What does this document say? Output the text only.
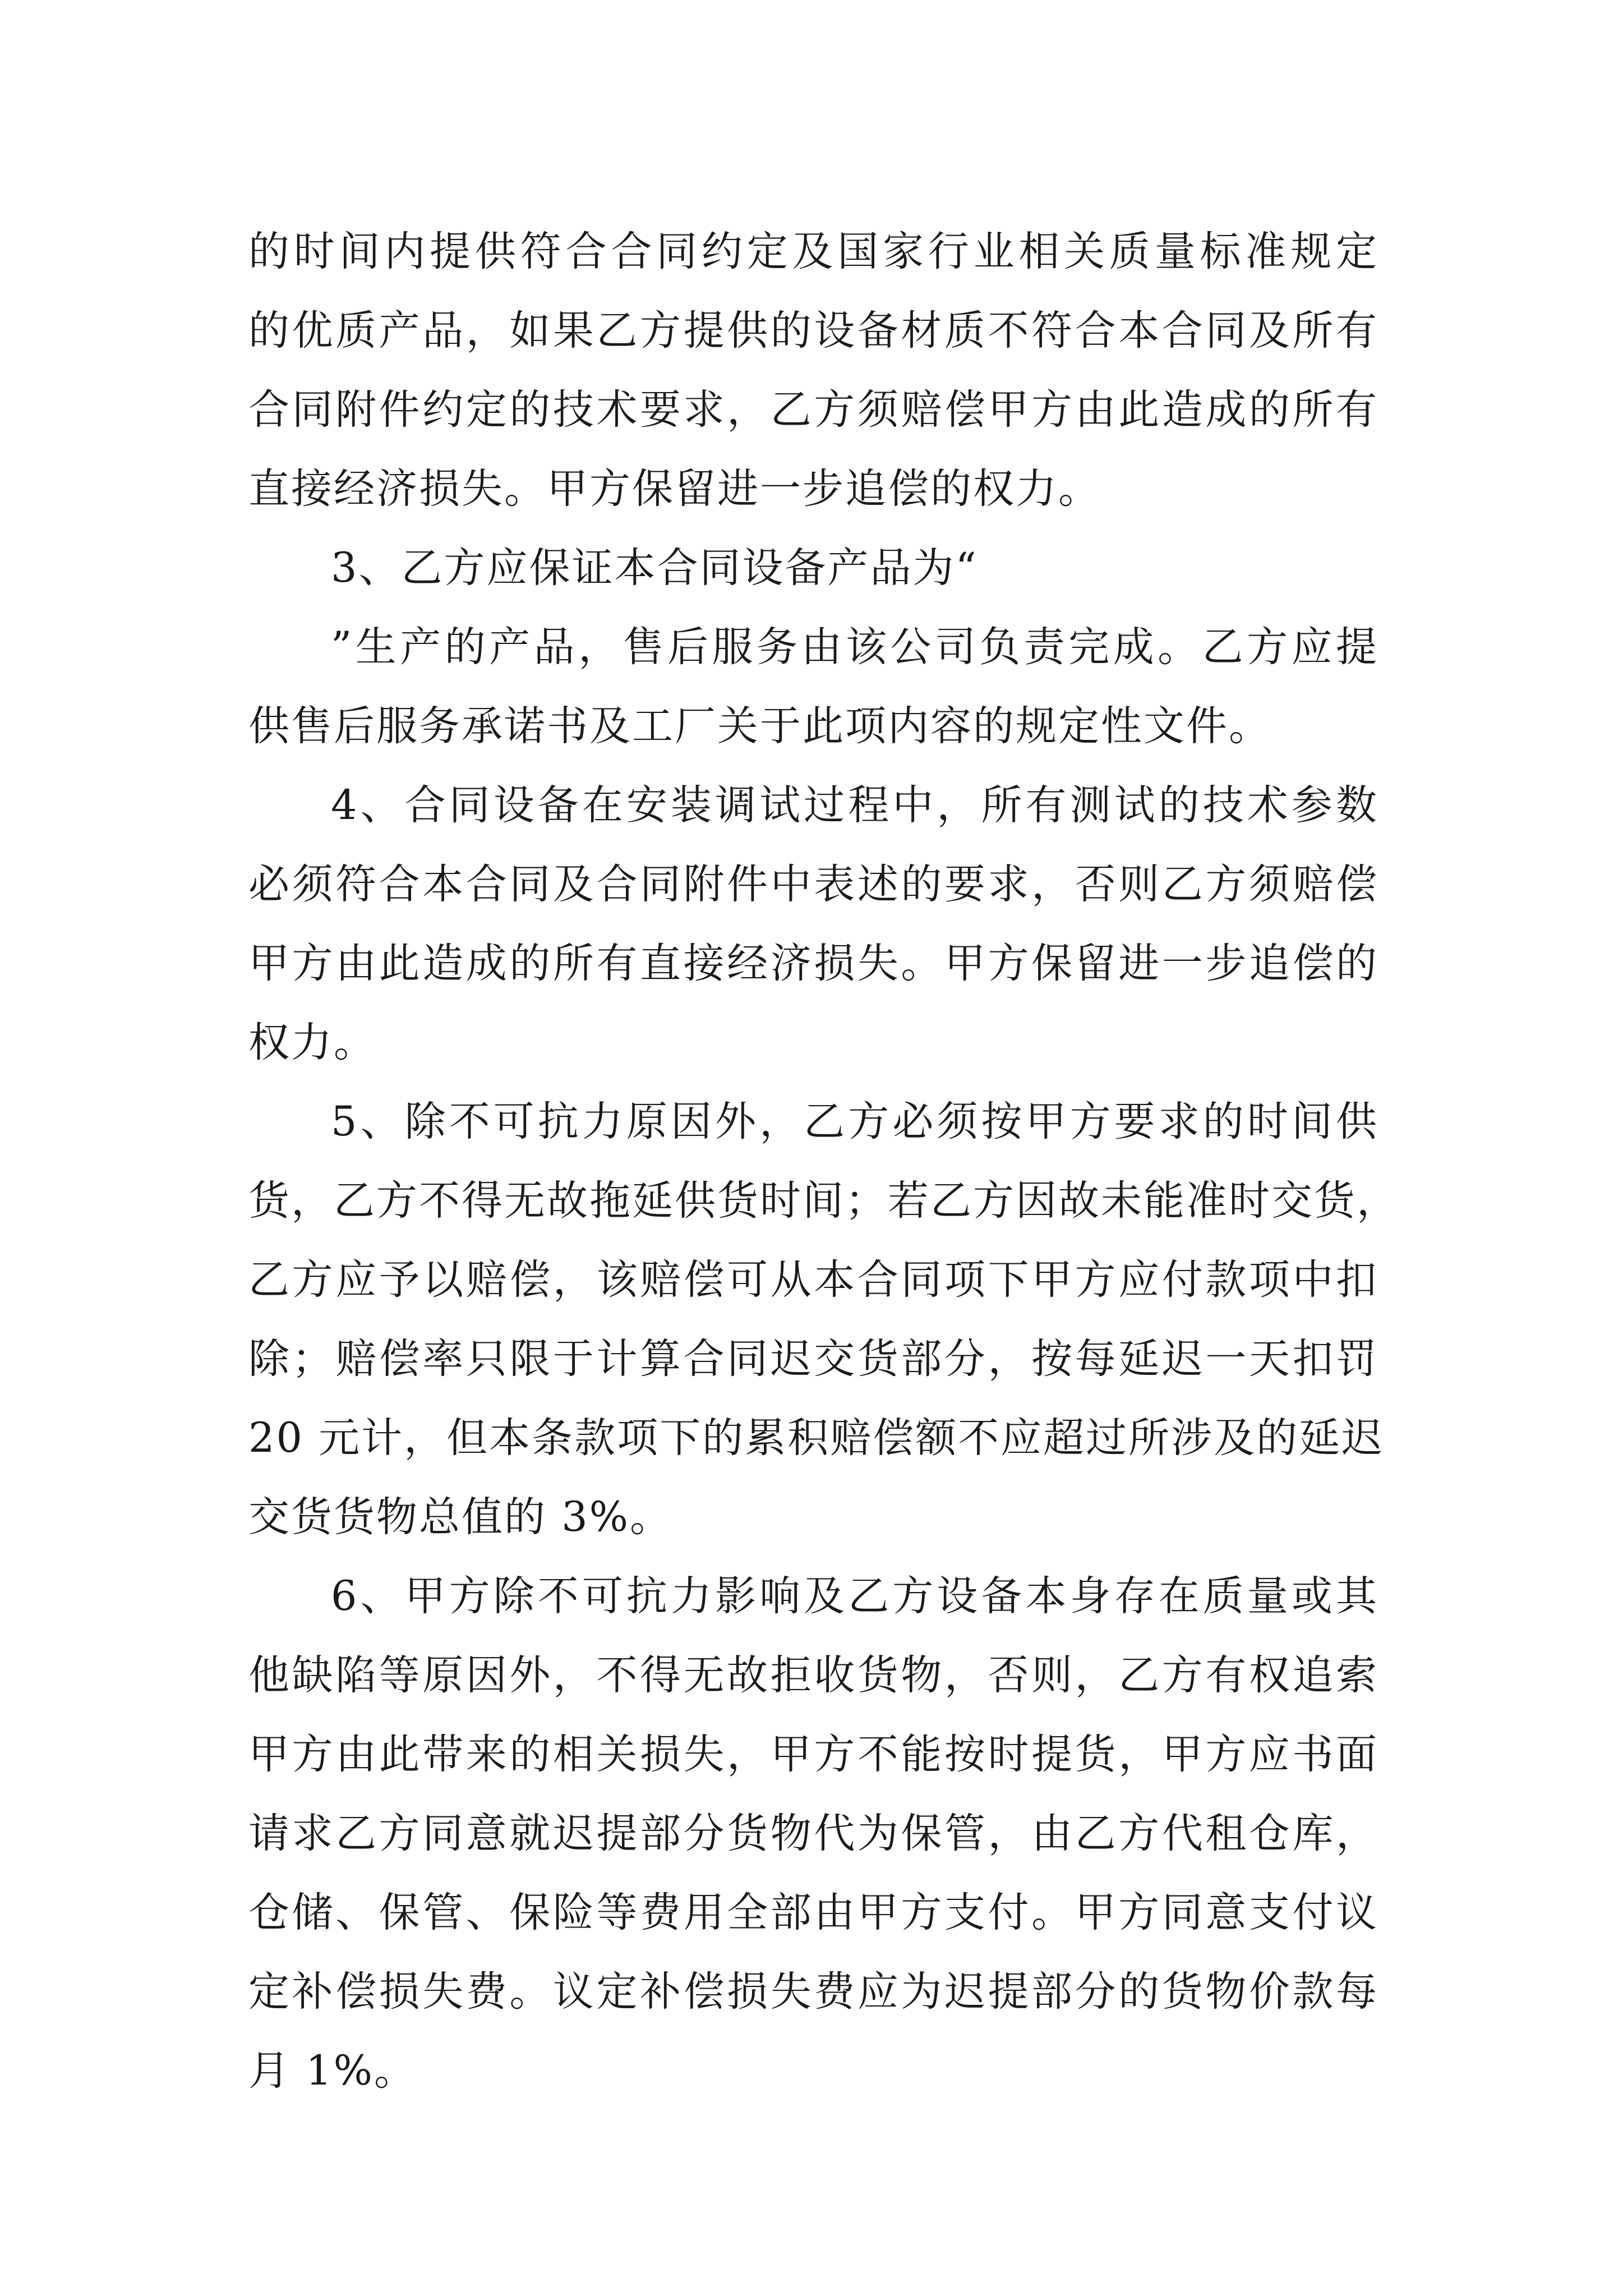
的时间内提供符合合同约定及国家行业相关质量标准规定
的优质产品，如果乙方提供的设备材质不符合本合同及所有
合同附件约定的技术要求，乙方须赔偿甲方由此造成的所有
直接经济损失。甲方保留进一步追偿的权力。
3、乙方应保证本合同设备产品为“
”生产的产品，售后服务由该公司负责完成。乙方应提
供售后服务承诺书及工厂关于此项内容的规定性文件。
4、合同设备在安装调试过程中，所有测试的技术参数
必须符合本合同及合同附件中表述的要求，否则乙方须赔偿
甲方由此造成的所有直接经济损失。甲方保留进一步追偿的
权力。
5、除不可抗力原因外，乙方必须按甲方要求的时间供
货，乙方不得无故拖延供货时间；若乙方因故未能准时交货，
乙方应予以赔偿，该赔偿可从本合同项下甲方应付款项中扣
除；赔偿率只限于计算合同迟交货部分，按每延迟一天扣罚
20 元计，但本条款项下的累积赔偿额不应超过所涉及的延迟
交货货物总值的 3%。
6、甲方除不可抗力影响及乙方设备本身存在质量或其
他缺陷等原因外，不得无故拒收货物，否则，乙方有权追索
甲方由此带来的相关损失，甲方不能按时提货，甲方应书面
请求乙方同意就迟提部分货物代为保管，由乙方代租仓库，
仓储、保管、保险等费用全部由甲方支付。甲方同意支付议
定补偿损失费。议定补偿损失费应为迟提部分的货物价款每
月 1%。
